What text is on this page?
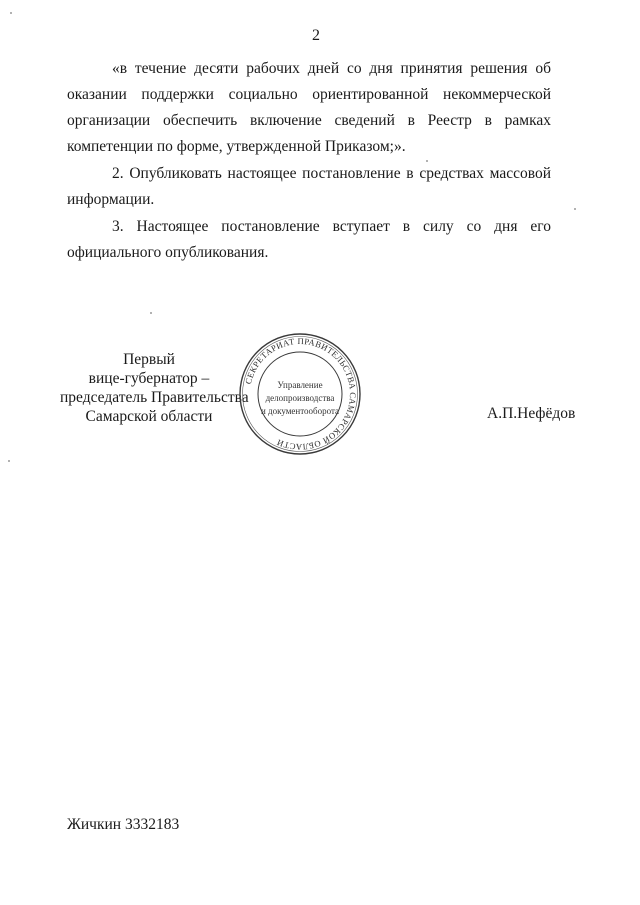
2
«в течение десяти рабочих дней со дня принятия решения об
оказании поддержки социально ориентированной некоммерческой
организации обеспечить включение сведений в Реестр в рамках
компетенции по форме, утвержденной Приказом;».
2. Опубликовать настоящее постановление в средствах массовой
информации.
3. Настоящее постановление вступает в силу со дня его
официального опубликования.
Первый
вице-губернатор –
председатель Правительства
Самарской области
СЕКРЕТАРИАТ ПРАВИТЕЛЬСТВА САМАРСКОЙ ОБЛАСТИ
Управление
делопроизводства
и документооборота	А.П.Нефёдов
Жичкин 3332183
